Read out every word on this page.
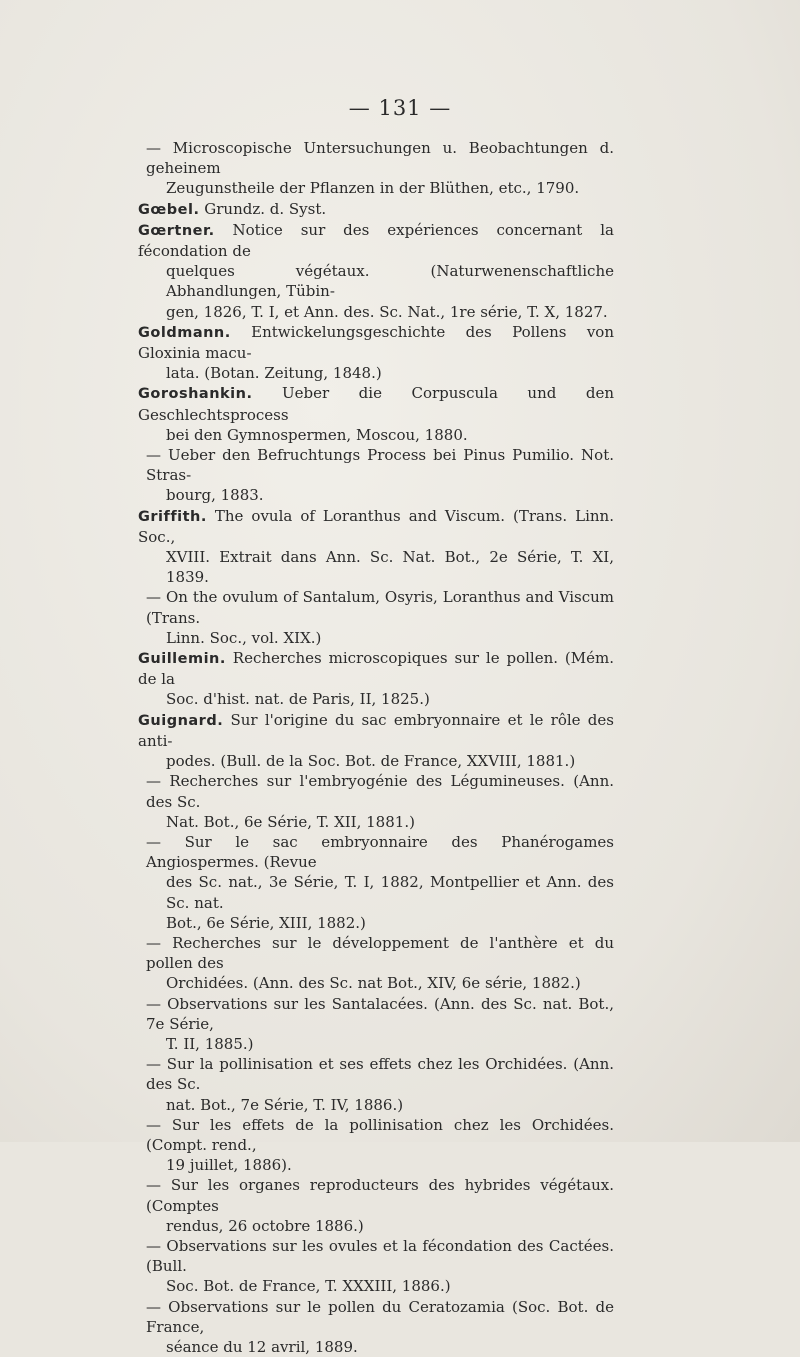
— 131 —
— Microscopische Untersuchungen u. Beobachtungen d. geheinem
Zeugunstheile der Pflanzen in der Blüthen, etc., 1790.
Gœbel. Grundz. d. Syst.
Gœrtner. Notice sur des expériences concernant la fécondation de
quelques végétaux. (Naturwenenschaftliche Abhandlungen, Tübin-
gen, 1826, T. I, et Ann. des. Sc. Nat., 1re série, T. X, 1827.
Goldmann. Entwickelungsgeschichte des Pollens von Gloxinia macu-
lata. (Botan. Zeitung, 1848.)
Goroshankin. Ueber die Corpuscula und den Geschlechtsprocess
bei den Gymnospermen, Moscou, 1880.
— Ueber den Befruchtungs Process bei Pinus Pumilio. Not. Stras-
bourg, 1883.
Griffith. The ovula of Loranthus and Viscum. (Trans. Linn. Soc.,
XVIII. Extrait dans Ann. Sc. Nat. Bot., 2e Série, T. XI, 1839.
— On the ovulum of Santalum, Osyris, Loranthus and Viscum (Trans.
Linn. Soc., vol. XIX.)
Guillemin. Recherches microscopiques sur le pollen. (Mém. de la
Soc. d'hist. nat. de Paris, II, 1825.)
Guignard. Sur l'origine du sac embryonnaire et le rôle des anti-
podes. (Bull. de la Soc. Bot. de France, XXVIII, 1881.)
— Recherches sur l'embryogénie des Légumineuses. (Ann. des Sc.
Nat. Bot., 6e Série, T. XII, 1881.)
— Sur le sac embryonnaire des Phanérogames Angiospermes. (Revue
des Sc. nat., 3e Série, T. I, 1882, Montpellier et Ann. des Sc. nat.
Bot., 6e Série, XIII, 1882.)
— Recherches sur le développement de l'anthère et du pollen des
Orchidées. (Ann. des Sc. nat Bot., XIV, 6e série, 1882.)
— Observations sur les Santalacées. (Ann. des Sc. nat. Bot., 7e Série,
T. II, 1885.)
— Sur la pollinisation et ses effets chez les Orchidées. (Ann. des Sc.
nat. Bot., 7e Série, T. IV, 1886.)
— Sur les effets de la pollinisation chez les Orchidées. (Compt. rend.,
19 juillet, 1886).
— Sur les organes reproducteurs des hybrides végétaux. (Comptes
rendus, 26 octobre 1886.)
— Observations sur les ovules et la fécondation des Cactées. (Bull.
Soc. Bot. de France, T. XXXIII, 1886.)
— Observations sur le pollen du Ceratozamia (Soc. Bot. de France,
séance du 12 avril, 1889.
